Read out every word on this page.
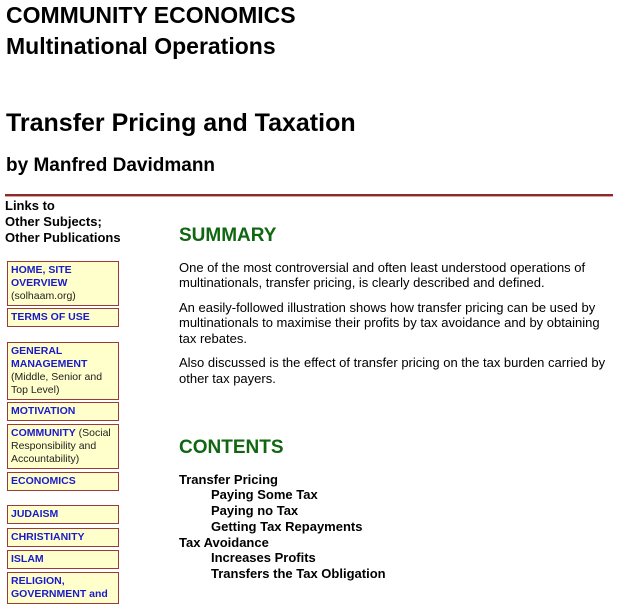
COMMUNITY ECONOMICS
Multinational Operations
Transfer Pricing and Taxation
by Manfred Davidmann
Links to
Other Subjects;
Other Publications
HOME, SITE OVERVIEW (solhaam.org)
TERMS OF USE
GENERAL MANAGEMENT (Middle, Senior and Top Level)
MOTIVATION
COMMUNITY (Social Responsibility and Accountability)
ECONOMICS
JUDAISM
CHRISTIANITY
ISLAM
RELIGION, GOVERNMENT and
SUMMARY

One of the most controversial and often least understood operations of multinationals, transfer pricing, is clearly described and defined.

An easily-followed illustration shows how transfer pricing can be used by multinationals to maximise their profits by tax avoidance and by obtaining tax rebates.

Also discussed is the effect of transfer pricing on the tax burden carried by other tax payers.

CONTENTS
Transfer Pricing
Paying Some Tax
Paying no Tax
Getting Tax Repayments
Tax Avoidance
Increases Profits
Transfers the Tax Obligation
